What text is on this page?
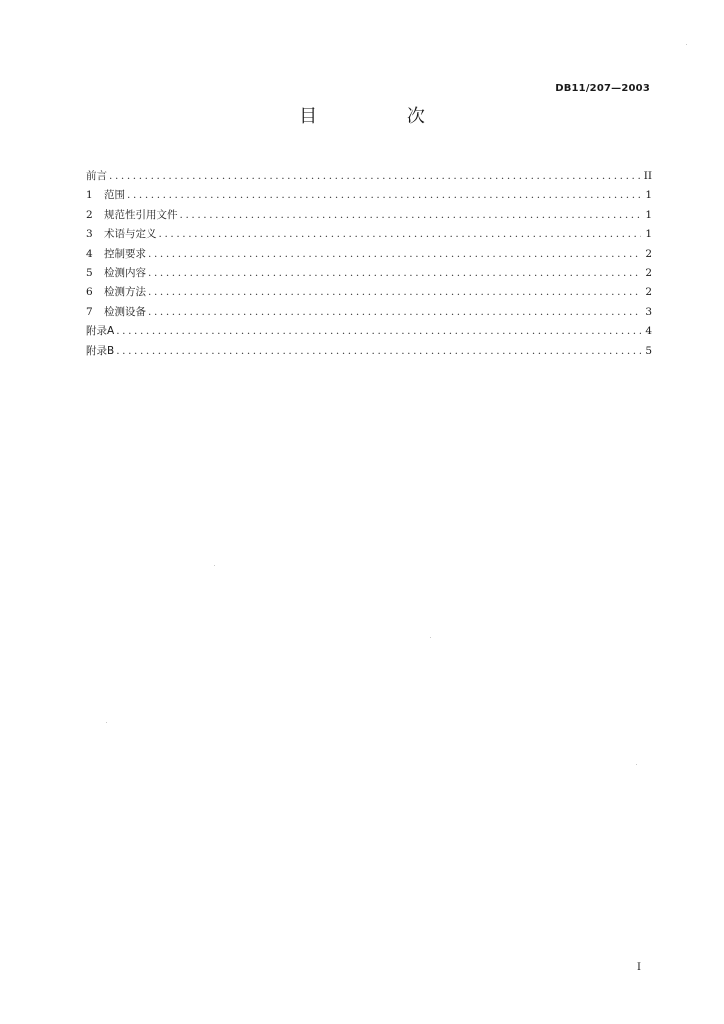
DB11/207—2003
目 次
前言 .....	II
1	范围 .....	1
2	规范性引用文件 .....	1
3	术语与定义 .....	1
4	控制要求 .....	2
5	检测内容 .....	2
6	检测方法 .....	2
7	检测设备 .....	3
附录A .....	4
附录B .....	5
I
